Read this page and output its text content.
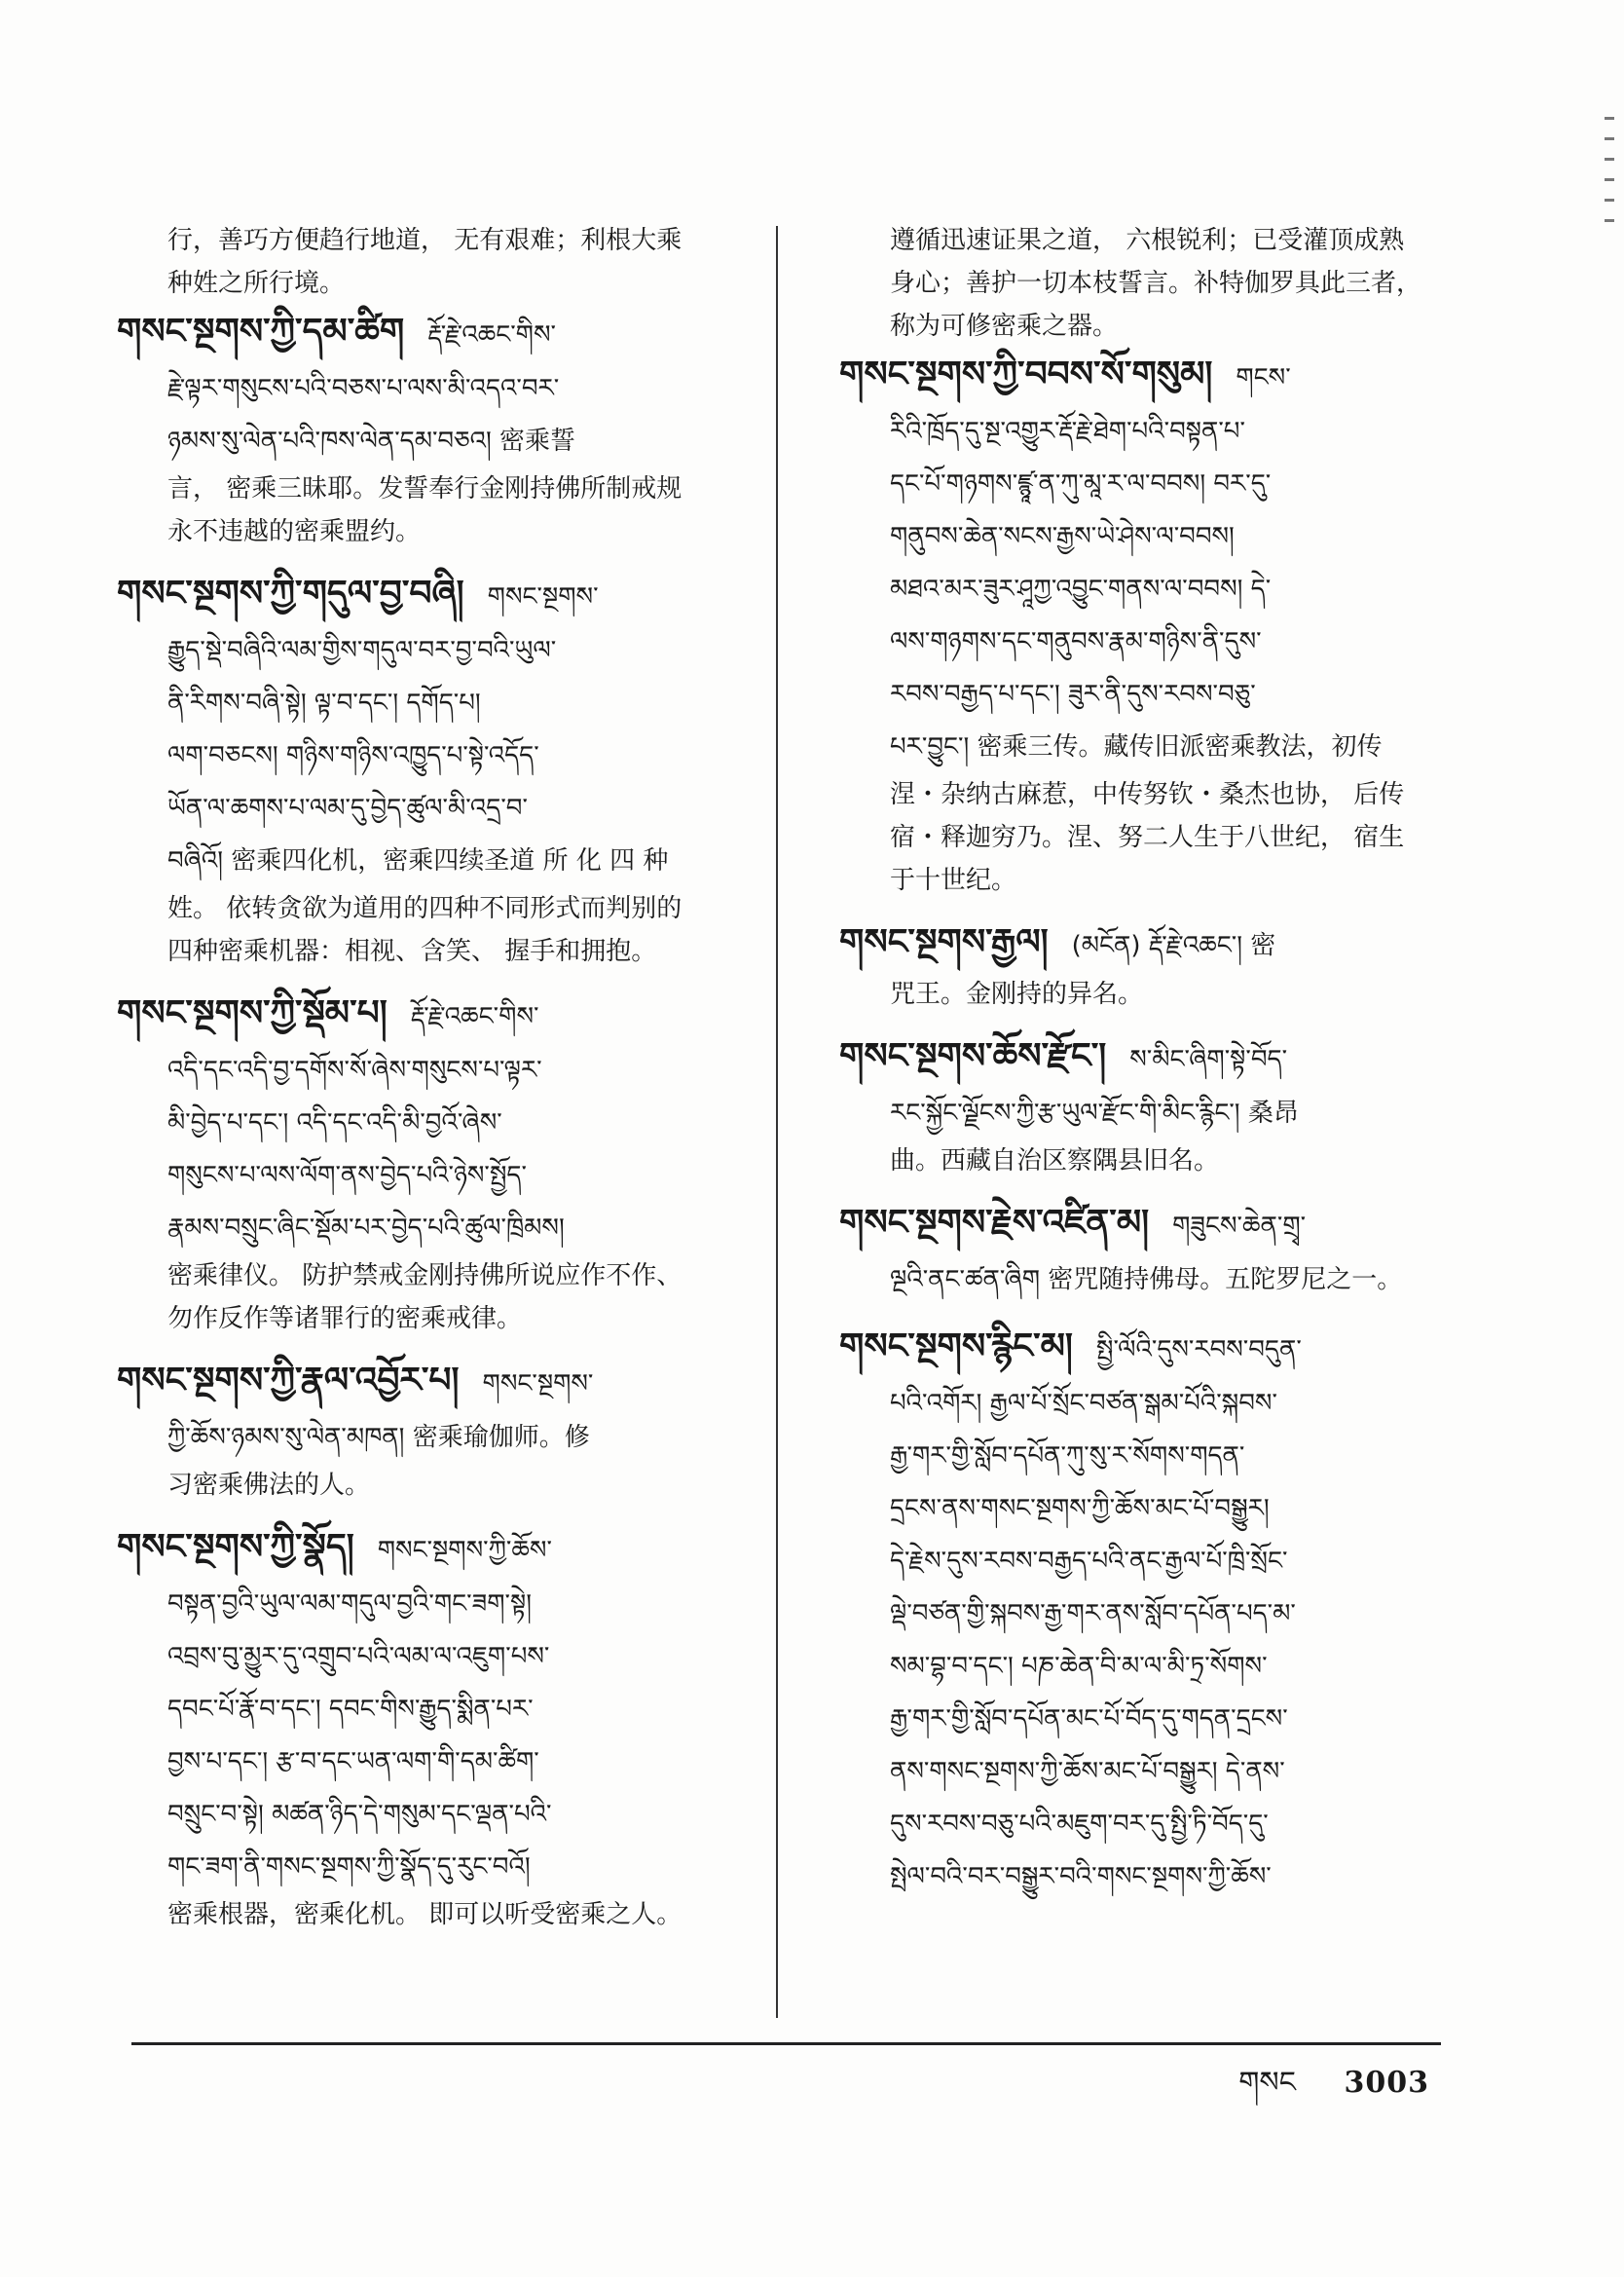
行，善巧方便趋行地道， 无有艰难；利根大乘
种姓之所行境。
གསང་སྔགས་ཀྱི་དམ་ཚིག རྡོ་རྗེ་འཆང་གིས་
རྗེ་ལྟར་གསུངས་པའི་བཅས་པ་ལས་མི་འདའ་བར་
ཉམས་སུ་ལེན་པའི་ཁས་ལེན་དམ་བཅའ། 密乘誓
言， 密乘三昧耶。发誓奉行金刚持佛所制戒规
永不违越的密乘盟约。
གསང་སྔགས་ཀྱི་གདུལ་བྱ་བཞི། གསང་སྔགས་
རྒྱུད་སྡེ་བཞིའི་ལམ་གྱིས་གདུལ་བར་བྱ་བའི་ཡུལ་
ནི་རིགས་བཞི་སྟེ། ལྟ་བ་དང་། དགོད་པ།
ལག་བཅངས། གཉིས་གཉིས་འཁྱུད་པ་སྟེ་འདོད་
ཡོན་ལ་ཆགས་པ་ལམ་དུ་བྱེད་ཚུལ་མི་འདྲ་བ་
བཞིའོ། 密乘四化机，密乘四续圣道 所 化 四 种
姓。 依转贪欲为道用的四种不同形式而判别的
四种密乘机器：相视、含笑、 握手和拥抱。
གསང་སྔགས་ཀྱི་སྡོམ་པ། རྡོ་རྗེ་འཆང་གིས་
འདི་དང་འདི་བྱ་དགོས་སོ་ཞེས་གསུངས་པ་ལྟར་
མི་བྱེད་པ་དང་། འདི་དང་འདི་མི་བྱའོ་ཞེས་
གསུངས་པ་ལས་ལོག་ནས་བྱེད་པའི་ཉེས་སྤྱོད་
རྣམས་བསྲུང་ཞིང་སྡོམ་པར་བྱེད་པའི་ཚུལ་ཁྲིམས།
密乘律仪。 防护禁戒金刚持佛所说应作不作、
勿作反作等诸罪行的密乘戒律。
གསང་སྔགས་ཀྱི་རྣལ་འབྱོར་པ། གསང་སྔགས་
ཀྱི་ཆོས་ཉམས་སུ་ལེན་མཁན། 密乘瑜伽师。修
习密乘佛法的人。
གསང་སྔགས་ཀྱི་སྣོད། གསང་སྔགས་ཀྱི་ཆོས་
བསྟན་བྱའི་ཡུལ་ལམ་གདུལ་བྱའི་གང་ཟག་སྟེ།
འབྲས་བུ་མྱུར་དུ་འགྲུབ་པའི་ལམ་ལ་འཇུག་པས་
དབང་པོ་རྣོ་བ་དང་། དབང་གིས་རྒྱུད་སྨིན་པར་
བྱས་པ་དང་། རྩ་བ་དང་ཡན་ལག་གི་དམ་ཚིག་
བསྲུང་བ་སྟེ། མཚན་ཉིད་དེ་གསུམ་དང་ལྡན་པའི་
གང་ཟག་ནི་གསང་སྔགས་ཀྱི་སྣོད་དུ་རུང་བའོ།
密乘根器，密乘化机。 即可以听受密乘之人。
遵循迅速证果之道， 六根锐利；已受灌顶成熟
身心；善护一切本枝誓言。补特伽罗具此三者，
称为可修密乘之器。
གསང་སྔགས་ཀྱི་བབས་སོ་གསུམ། གངས་
རིའི་ཁྲོད་དུ་སྔ་འགྱུར་རྡོ་རྗེ་ཐེག་པའི་བསྟན་པ་
དང་པོ་གཉགས་ཛྙཱ་ན་ཀུ་མཱ་ར་ལ་བབས། བར་དུ་
གནུབས་ཆེན་སངས་རྒྱས་ཡེ་ཤེས་ལ་བབས།
མཐའ་མར་ཟུར་ཤཱཀྱ་འབྱུང་གནས་ལ་བབས། དེ་
ལས་གཉགས་དང་གནུབས་རྣམ་གཉིས་ནི་དུས་
རབས་བརྒྱད་པ་དང་། ཟུར་ནི་དུས་རབས་བཅུ་
པར་བྱུང་། 密乘三传。藏传旧派密乘教法，初传
涅・杂纳古麻惹，中传努钦・桑杰也协， 后传
宿・释迦穷乃。涅、努二人生于八世纪， 宿生
于十世纪。
གསང་སྔགས་རྒྱལ། (མངོན) རྡོ་རྗེ་འཆང་། 密
咒王。金刚持的异名。
གསང་སྔགས་ཆོས་རྫོང་། ས་མིང་ཞིག་སྟེ་བོད་
རང་སྐྱོང་ལྗོངས་ཀྱི་རྩ་ཡུལ་རྫོང་གི་མིང་རྙིང་། 桑昂
曲。西藏自治区察隅县旧名。
གསང་སྔགས་རྗེས་འཛིན་མ། གཟུངས་ཆེན་གྲྭ་
ལྔའི་ནང་ཚན་ཞིག 密咒随持佛母。五陀罗尼之一。
གསང་སྔགས་རྙིང་མ། སྤྱི་ལོའི་དུས་རབས་བདུན་
པའི་འགོར། རྒྱལ་པོ་སྲོང་བཙན་སྒམ་པོའི་སྐབས་
རྒྱ་གར་གྱི་སློབ་དཔོན་ཀུ་སུ་ར་སོགས་གདན་
དྲངས་ནས་གསང་སྔགས་ཀྱི་ཆོས་མང་པོ་བསྒྱུར།
དེ་རྗེས་དུས་རབས་བརྒྱད་པའི་ནང་རྒྱལ་པོ་ཁྲི་སྲོང་
ལྡེ་བཙན་གྱི་སྐབས་རྒྱ་གར་ནས་སློབ་དཔོན་པད་མ་
སམ་བྷ་བ་དང་། པཎ་ཆེན་བི་མ་ལ་མི་ཏྲ་སོགས་
རྒྱ་གར་གྱི་སློབ་དཔོན་མང་པོ་བོད་དུ་གདན་དྲངས་
ནས་གསང་སྔགས་ཀྱི་ཆོས་མང་པོ་བསྒྱུར། དེ་ནས་
དུས་རབས་བཅུ་པའི་མཇུག་བར་དུ་སྤྱི་ཏི་བོད་དུ་
སྤེལ་བའི་བར་བསྒྱུར་བའི་གསང་སྔགས་ཀྱི་ཆོས་
གསང 3003
